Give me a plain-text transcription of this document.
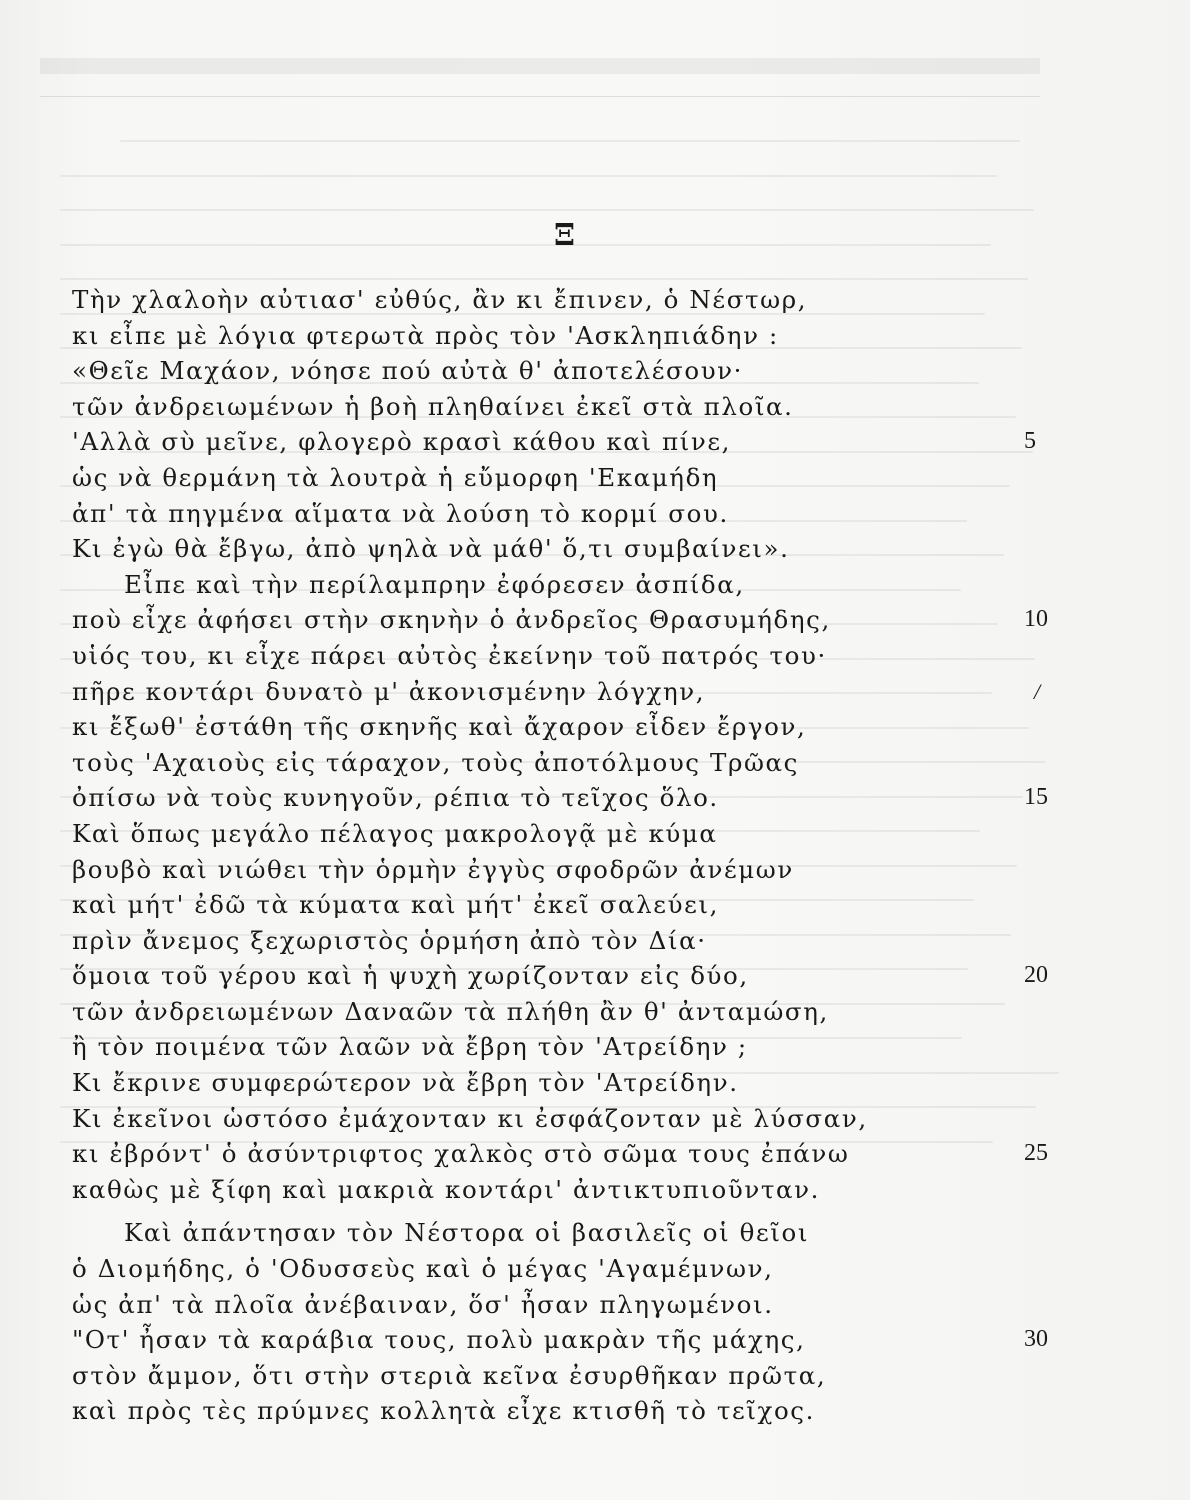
Ξ
Τὴν χλαλοὴν αὐτιασ' εὐθύς, ἂν κι ἔπινεν, ὁ Νέστωρ,
κι εἶπε μὲ λόγια φτερωτὰ πρὸς τὸν 'Ασκληπιάδην :
«Θεῖε Μαχάον, νόησε πού αὐτὰ θ' ἀποτελέσουν·
τῶν ἀνδρειωμένων ἡ βοὴ πληθαίνει ἐκεῖ στὰ πλοῖα.
'Αλλὰ σὺ μεῖνε, φλογερὸ κρασὶ κάθου καὶ πίνε,	5
ὡς νὰ θερμάνη τὰ λουτρὰ ἡ εὔμορφη 'Εκαμήδη
ἀπ' τὰ πηγμένα αἵματα νὰ λούση τὸ κορμί σου.
Κι ἐγὼ θὰ ἔβγω, ἀπὸ ψηλὰ νὰ μάθ' ὅ,τι συμβαίνει».
Εἶπε καὶ τὴν περίλαμπρην ἐφόρεσεν ἀσπίδα,
ποὺ εἶχε ἀφήσει στὴν σκηνὴν ὁ ἀνδρεῖος Θρασυμήδης,	10
υἱός του, κι εἶχε πάρει αὐτὸς ἐκείνην τοῦ πατρός του·
πῆρε κοντάρι δυνατὸ μ' ἀκονισμένην λόγχην,	/
κι ἔξωθ' ἐστάθη τῆς σκηνῆς καὶ ἄχαρον εἶδεν ἔργον,
τοὺς 'Αχαιοὺς εἰς τάραχον, τοὺς ἀποτόλμους Τρῶας
ὀπίσω νὰ τοὺς κυνηγοῦν, ρέπια τὸ τεῖχος ὅλο.	15
Καὶ ὅπως μεγάλο πέλαγος μακρολογᾷ μὲ κύμα
βουβὸ καὶ νιώθει τὴν ὁρμὴν ἐγγὺς σφοδρῶν ἀνέμων
καὶ μήτ' ἐδῶ τὰ κύματα καὶ μήτ' ἐκεῖ σαλεύει,
πρὶν ἄνεμος ξεχωριστὸς ὁρμήση ἀπὸ τὸν Δία·
ὅμοια τοῦ γέρου καὶ ἡ ψυχὴ χωρίζονταν εἰς δύο,	20
τῶν ἀνδρειωμένων Δαναῶν τὰ πλήθη ἂν θ' ἀνταμώση,
ἢ τὸν ποιμένα τῶν λαῶν νὰ ἔβρη τὸν 'Ατρείδην ;
Κι ἔκρινε συμφερώτερον νὰ ἔβρη τὸν 'Ατρείδην.
Κι ἐκεῖνοι ὡστόσο ἐμάχονταν κι ἐσφάζονταν μὲ λύσσαν,
κι ἐβρόντ' ὁ ἀσύντριφτος χαλκὸς στὸ σῶμα τους ἐπάνω	25
καθὼς μὲ ξίφη καὶ μακριὰ κοντάρι' ἀντικτυπιοῦνταν.
Καὶ ἀπάντησαν τὸν Νέστορα οἱ βασιλεῖς οἱ θεῖοι
ὁ Διομήδης, ὁ 'Οδυσσεὺς καὶ ὁ μέγας 'Αγαμέμνων,
ὡς ἀπ' τὰ πλοῖα ἀνέβαιναν, ὅσ' ἦσαν πληγωμένοι.
"Οτ' ἦσαν τὰ καράβια τους, πολὺ μακρὰν τῆς μάχης,	30
στὸν ἄμμον, ὅτι στὴν στεριὰ κεῖνα ἐσυρθῆκαν πρῶτα,
καὶ πρὸς τὲς πρύμνες κολλητὰ εἶχε κτισθῆ τὸ τεῖχος.
